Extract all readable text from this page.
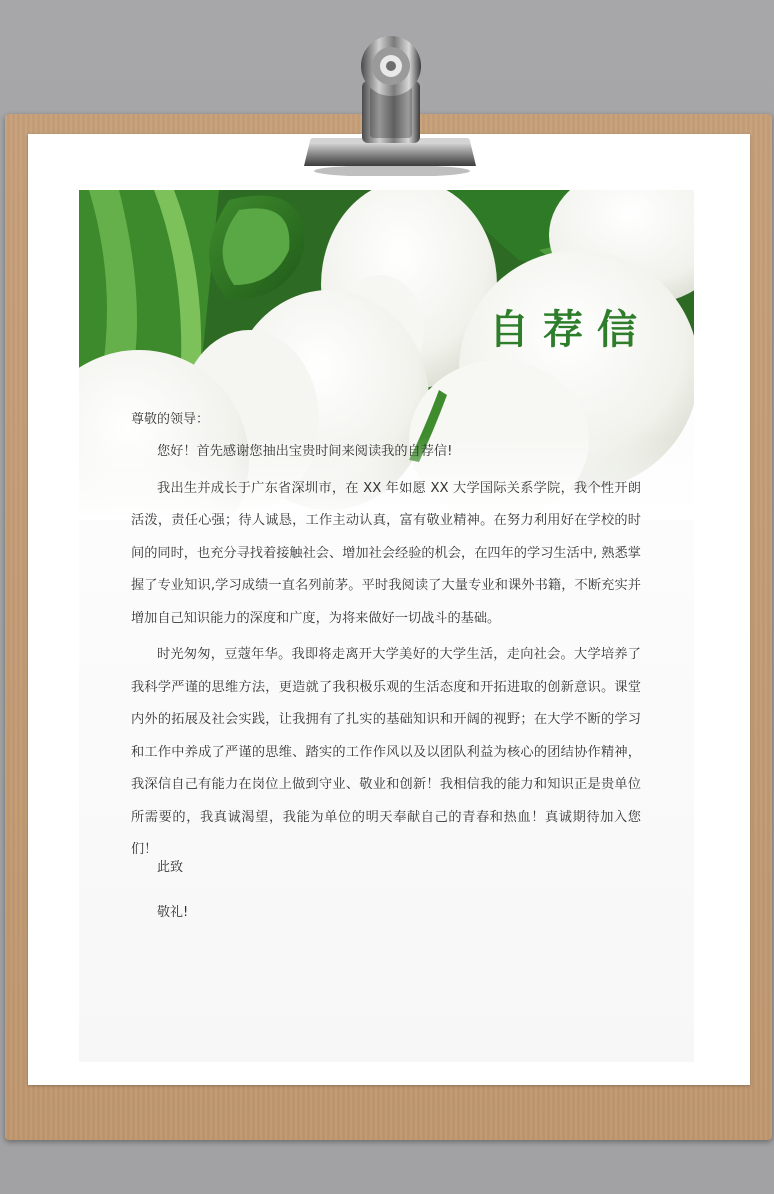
自荐信
尊敬的领导：

您好！首先感谢您抽出宝贵时间来阅读我的自荐信!

我出生并成长于广东省深圳市，在 XX 年如愿 XX 大学国际关系学院，我个性开朗活泼，责任心强；待人诚恳，工作主动认真，富有敬业精神。在努力利用好在学校的时间的同时，也充分寻找着接触社会、增加社会经验的机会，在四年的学习生活中, 熟悉掌握了专业知识,学习成绩一直名列前茅。平时我阅读了大量专业和课外书籍，不断充实并增加自己知识能力的深度和广度，为将来做好一切战斗的基础。

时光匆匆，豆蔻年华。我即将走离开大学美好的大学生活，走向社会。大学培养了我科学严谨的思维方法，更造就了我积极乐观的生活态度和开拓进取的创新意识。课堂内外的拓展及社会实践，让我拥有了扎实的基础知识和开阔的视野；在大学不断的学习和工作中养成了严谨的思维、踏实的工作作风以及以团队利益为核心的团结协作精神，我深信自己有能力在岗位上做到守业、敬业和创新！我相信我的能力和知识正是贵单位所需要的，我真诚渴望，我能为单位的明天奉献自己的青春和热血！真诚期待加入您们！

此致
敬礼!
